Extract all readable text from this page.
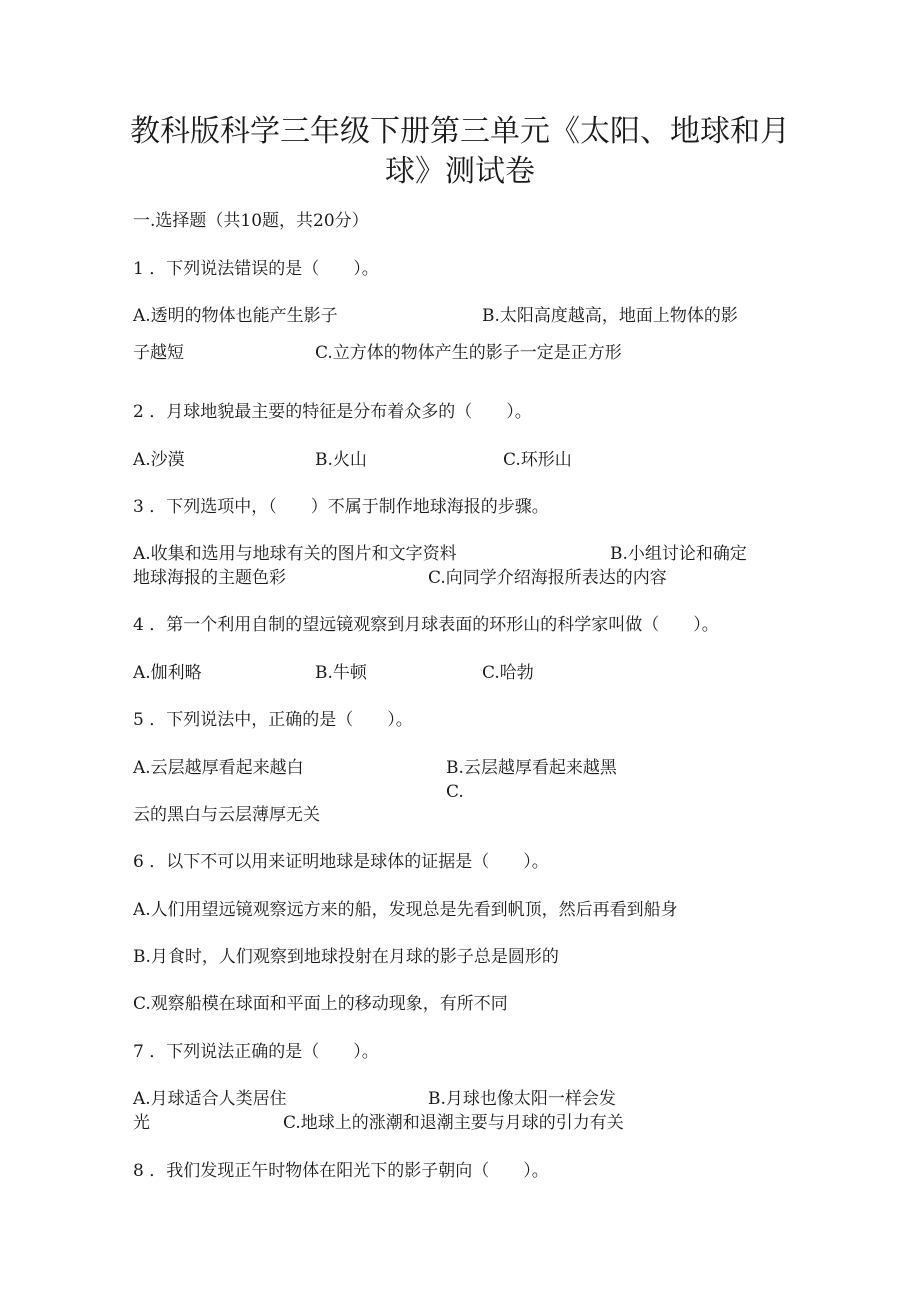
教科版科学三年级下册第三单元《太阳、地球和月
球》测试卷
一.选择题（共10题，共20分）
1 ．下列说法错误的是（　　）。
A.透明的物体也能产生影子	B.太阳高度越高，地面上物体的影
子越短	C.立方体的物体产生的影子一定是正方形
2 ．月球地貌最主要的特征是分布着众多的（　　）。
A.沙漠	B.火山	C.环形山
3 ．下列选项中，（　　）不属于制作地球海报的步骤。
A.收集和选用与地球有关的图片和文字资料	B.小组讨论和确定
地球海报的主题色彩	C.向同学介绍海报所表达的内容
4 ．第一个利用自制的望远镜观察到月球表面的环形山的科学家叫做（　　）。
A.伽利略	B.牛顿	C.哈勃
5 ．下列说法中，正确的是（　　）。
A.云层越厚看起来越白	B.云层越厚看起来越黑
C.
云的黑白与云层薄厚无关
6 ．以下不可以用来证明地球是球体的证据是（　　）。
A.人们用望远镜观察远方来的船，发现总是先看到帆顶，然后再看到船身
B.月食时，人们观察到地球投射在月球的影子总是圆形的
C.观察船模在球面和平面上的移动现象，有所不同
7 ．下列说法正确的是（　　）。
A.月球适合人类居住	B.月球也像太阳一样会发
光	C.地球上的涨潮和退潮主要与月球的引力有关
8 ．我们发现正午时物体在阳光下的影子朝向（　　）。
